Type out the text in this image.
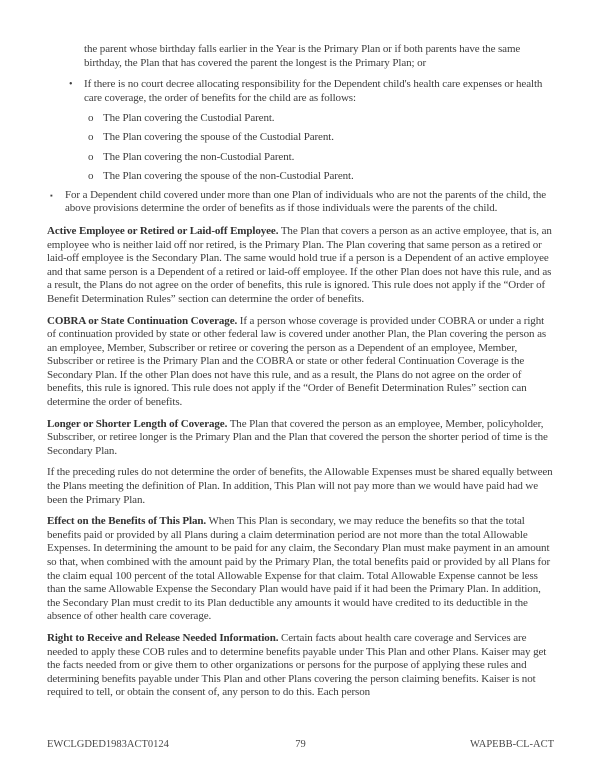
the parent whose birthday falls earlier in the Year is the Primary Plan or if both parents have the same birthday, the Plan that has covered the parent the longest is the Primary Plan; or

•	If there is no court decree allocating responsibility for the Dependent child's health care expenses or health care coverage, the order of benefits for the child are as follows:
o The Plan covering the Custodial Parent.
o The Plan covering the spouse of the Custodial Parent.
o The Plan covering the non-Custodial Parent.
o The Plan covering the spouse of the non-Custodial Parent.
▪	For a Dependent child covered under more than one Plan of individuals who are not the parents of the child, the above provisions determine the order of benefits as if those individuals were the parents of the child.

Active Employee or Retired or Laid-off Employee. The Plan that covers a person as an active employee, that is, an employee who is neither laid off nor retired, is the Primary Plan. The Plan covering that same person as a retired or laid-off employee is the Secondary Plan. The same would hold true if a person is a Dependent of an active employee and that same person is a Dependent of a retired or laid-off employee. If the other Plan does not have this rule, and as a result, the Plans do not agree on the order of benefits, this rule is ignored. This rule does not apply if the “Order of Benefit Determination Rules” section can determine the order of benefits.

COBRA or State Continuation Coverage. If a person whose coverage is provided under COBRA or under a right of continuation provided by state or other federal law is covered under another Plan, the Plan covering the person as an employee, Member, Subscriber or retiree or covering the person as a Dependent of an employee, Member, Subscriber or retiree is the Primary Plan and the COBRA or state or other federal Continuation Coverage is the Secondary Plan. If the other Plan does not have this rule, and as a result, the Plans do not agree on the order of benefits, this rule is ignored. This rule does not apply if the “Order of Benefit Determination Rules” section can determine the order of benefits.

Longer or Shorter Length of Coverage. The Plan that covered the person as an employee, Member, policyholder, Subscriber, or retiree longer is the Primary Plan and the Plan that covered the person the shorter period of time is the Secondary Plan.

If the preceding rules do not determine the order of benefits, the Allowable Expenses must be shared equally between the Plans meeting the definition of Plan. In addition, This Plan will not pay more than we would have paid had we been the Primary Plan.

Effect on the Benefits of This Plan. When This Plan is secondary, we may reduce the benefits so that the total benefits paid or provided by all Plans during a claim determination period are not more than the total Allowable Expenses. In determining the amount to be paid for any claim, the Secondary Plan must make payment in an amount so that, when combined with the amount paid by the Primary Plan, the total benefits paid or provided by all Plans for the claim equal 100 percent of the total Allowable Expense for that claim. Total Allowable Expense cannot be less than the same Allowable Expense the Secondary Plan would have paid if it had been the Primary Plan. In addition, the Secondary Plan must credit to its Plan deductible any amounts it would have credited to its deductible in the absence of other health care coverage.

Right to Receive and Release Needed Information. Certain facts about health care coverage and Services are needed to apply these COB rules and to determine benefits payable under This Plan and other Plans. Kaiser may get the facts needed from or give them to other organizations or persons for the purpose of applying these rules and determining benefits payable under This Plan and other Plans covering the person claiming benefits. Kaiser is not required to tell, or obtain the consent of, any person to do this. Each person

EWCLGDED1983ACT0124	79	WAPEBB-CL-ACT
